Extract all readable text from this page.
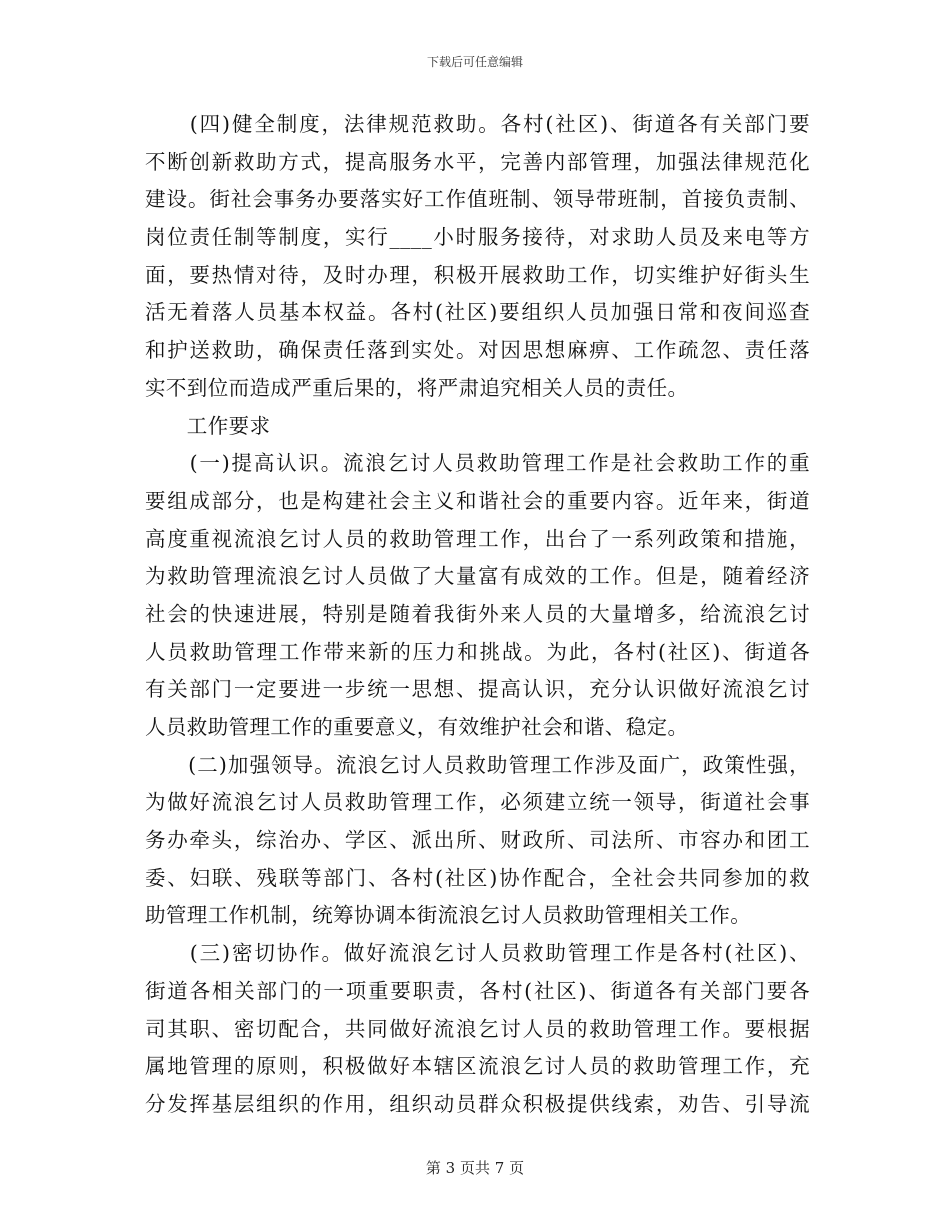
下载后可任意编辑
　　(四)健全制度，法律规范救助。各村(社区)、街道各有关部门要
不断创新救助方式，提高服务水平，完善内部管理，加强法律规范化
建设。街社会事务办要落实好工作值班制、领导带班制，首接负责制、
岗位责任制等制度，实行____小时服务接待，对求助人员及来电等方
面，要热情对待，及时办理，积极开展救助工作，切实维护好街头生
活无着落人员基本权益。各村(社区)要组织人员加强日常和夜间巡查
和护送救助，确保责任落到实处。对因思想麻痹、工作疏忽、责任落
实不到位而造成严重后果的，将严肃追究相关人员的责任。
　　工作要求
　　(一)提高认识。流浪乞讨人员救助管理工作是社会救助工作的重
要组成部分，也是构建社会主义和谐社会的重要内容。近年来，街道
高度重视流浪乞讨人员的救助管理工作，出台了一系列政策和措施，
为救助管理流浪乞讨人员做了大量富有成效的工作。但是，随着经济
社会的快速进展，特别是随着我街外来人员的大量增多，给流浪乞讨
人员救助管理工作带来新的压力和挑战。为此，各村(社区)、街道各
有关部门一定要进一步统一思想、提高认识，充分认识做好流浪乞讨
人员救助管理工作的重要意义，有效维护社会和谐、稳定。
　　(二)加强领导。流浪乞讨人员救助管理工作涉及面广，政策性强，
为做好流浪乞讨人员救助管理工作，必须建立统一领导，街道社会事
务办牵头，综治办、学区、派出所、财政所、司法所、市容办和团工
委、妇联、残联等部门、各村(社区)协作配合，全社会共同参加的救
助管理工作机制，统筹协调本街流浪乞讨人员救助管理相关工作。
　　(三)密切协作。做好流浪乞讨人员救助管理工作是各村(社区)、
街道各相关部门的一项重要职责，各村(社区)、街道各有关部门要各
司其职、密切配合，共同做好流浪乞讨人员的救助管理工作。要根据
属地管理的原则，积极做好本辖区流浪乞讨人员的救助管理工作，充
分发挥基层组织的作用，组织动员群众积极提供线索，劝告、引导流
第 3 页共 7 页
